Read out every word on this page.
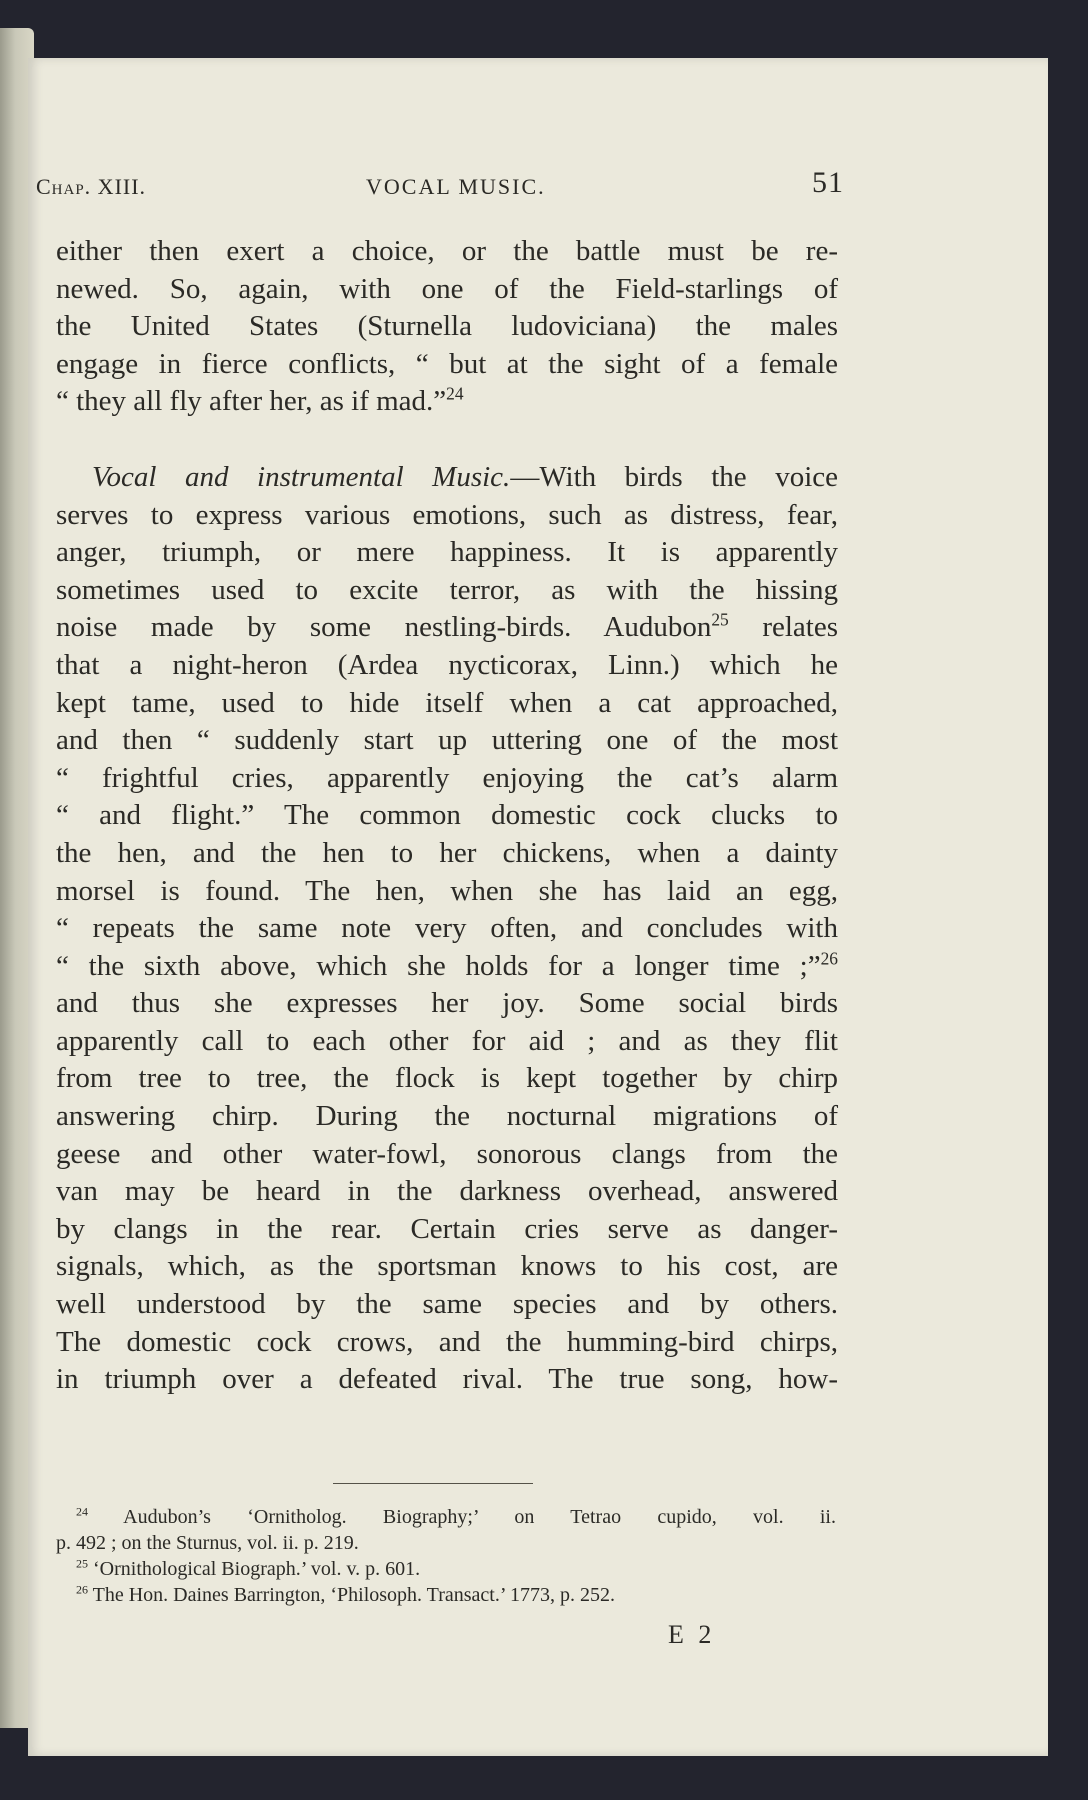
Chap. XIII.	VOCAL MUSIC.	51
either then exert a choice, or the battle must be re-
newed. So, again, with one of the Field-starlings of
the United States (Sturnella ludoviciana) the males
engage in fierce conflicts, “ but at the sight of a female
“ they all fly after her, as if mad.”$^{24}$
Vocal and instrumental Music.—With birds the voice
serves to express various emotions, such as distress, fear,
anger, triumph, or mere happiness. It is apparently
sometimes used to excite terror, as with the hissing
noise made by some nestling-birds. Audubon$^{25}$ relates
that a night-heron (Ardea nycticorax, Linn.) which he
kept tame, used to hide itself when a cat approached,
and then “ suddenly start up uttering one of the most
“ frightful cries, apparently enjoying the cat’s alarm
“ and flight.” The common domestic cock clucks to
the hen, and the hen to her chickens, when a dainty
morsel is found. The hen, when she has laid an egg,
“ repeats the same note very often, and concludes with
“ the sixth above, which she holds for a longer time ;”$^{26}$
and thus she expresses her joy. Some social birds
apparently call to each other for aid ; and as they flit
from tree to tree, the flock is kept together by chirp
answering chirp. During the nocturnal migrations of
geese and other water-fowl, sonorous clangs from the
van may be heard in the darkness overhead, answered
by clangs in the rear. Certain cries serve as danger-
signals, which, as the sportsman knows to his cost, are
well understood by the same species and by others.
The domestic cock crows, and the humming-bird chirps,
in triumph over a defeated rival. The true song, how-
$^{24}$ Audubon’s ‘Ornitholog. Biography;’ on Tetrao cupido, vol. ii.
p. 492 ; on the Sturnus, vol. ii. p. 219.
$^{25}$ ‘Ornithological Biograph.’ vol. v. p. 601.
$^{26}$ The Hon. Daines Barrington, ‘Philosoph. Transact.’ 1773, p. 252.
E 2
